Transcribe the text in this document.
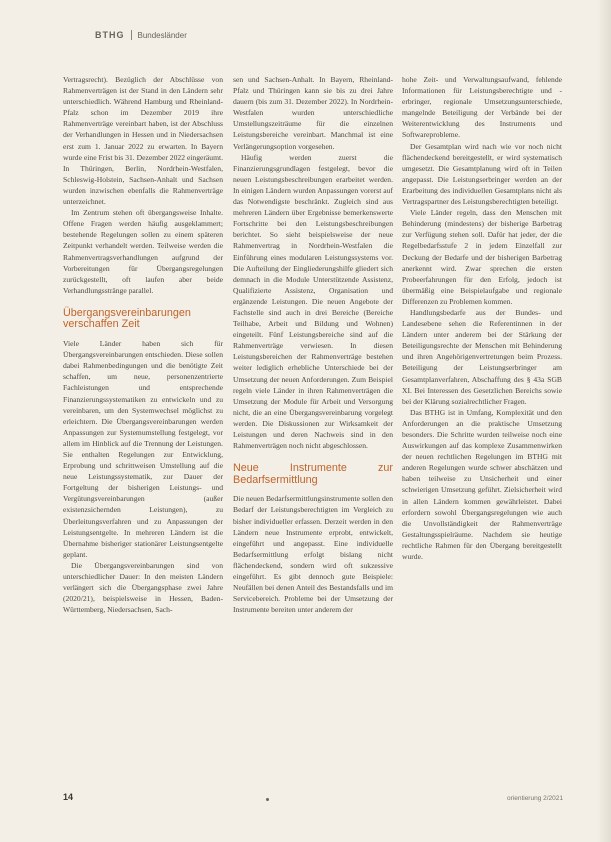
BTHG Bundesländer

Vertragsrecht). Bezüglich der Abschlüsse von Rahmenverträgen ist der Stand in den Ländern sehr unterschiedlich. Während Hamburg und Rheinland-Pfalz schon im Dezember 2019 ihre Rahmenverträge vereinbart haben, ist der Abschluss der Verhandlungen in Hessen und in Niedersachsen erst zum 1. Januar 2022 zu erwarten. In Bayern wurde eine Frist bis 31. Dezember 2022 eingeräumt. In Thüringen, Berlin, Nordrhein-Westfalen, Schleswig-Holstein, Sachsen-Anhalt und Sachsen wurden inzwischen ebenfalls die Rahmenverträge unterzeichnet.

Im Zentrum stehen oft übergangsweise Inhalte. Offene Fragen werden häufig ausgeklammert; bestehende Regelungen sollen zu einem späteren Zeitpunkt verhandelt werden. Teilweise werden die Rahmenvertragsverhandlungen aufgrund der Vorbereitungen für Übergangsregelungen zurückgestellt, oft laufen aber beide Verhandlungsstränge parallel.

Übergangsvereinbarungen verschaffen Zeit

Viele Länder haben sich für Übergangsvereinbarungen entschieden. Diese sollen dabei Rahmenbedingungen und die benötigte Zeit schaffen, um neue, personenzentrierte Fachleistungen und entsprechende Finanzierungssystematiken zu entwickeln und zu vereinbaren, um den Systemwechsel möglichst zu erleichtern. Die Übergangsvereinbarungen werden Anpassungen zur Systemumstellung festgelegt, vor allem im Hinblick auf die Trennung der Leistungen. Sie enthalten Regelungen zur Entwicklung, Erprobung und schrittweisen Umstellung auf die neue Leistungssystematik, zur Dauer der Fortgeltung der bisherigen Leistungs- und Vergütungsvereinbarungen (außer existenzsichernden Leistungen), zu Überleitungsverfahren und zu Anpassungen der Leistungsentgelte. In mehreren Ländern ist die Übernahme bisheriger stationärer Leistungsentgelte geplant.

Die Übergangsvereinbarungen sind von unterschiedlicher Dauer: In den meisten Ländern verlängert sich die Übergangsphase zwei Jahre (2020/21), beispielsweise in Hessen, Baden-Württemberg, Niedersachsen, Sach-

sen und Sachsen-Anhalt. In Bayern, Rheinland-Pfalz und Thüringen kann sie bis zu drei Jahre dauern (bis zum 31. Dezember 2022). In Nordrhein-Westfalen wurden unterschiedliche Umstellungszeiträume für die einzelnen Leistungsbereiche vereinbart. Manchmal ist eine Verlängerungsoption vorgesehen.

Häufig werden zuerst die Finanzierungsgrundlagen festgelegt, bevor die neuen Leistungsbeschreibungen erarbeitet werden. In einigen Ländern wurden Anpassungen vorerst auf das Notwendigste beschränkt. Zugleich sind aus mehreren Ländern über Ergebnisse bemerkenswerte Fortschritte bei den Leistungsbeschreibungen berichtet. So sieht beispielsweise der neue Rahmenvertrag in Nordrhein-Westfalen die Einführung eines modularen Leistungssystems vor. Die Aufteilung der Eingliederungshilfe gliedert sich demnach in die Module Unterstützende Assistenz, Qualifizierte Assistenz, Organisation und ergänzende Leistungen. Die neuen Angebote der Fachstelle sind auch in drei Bereiche (Bereiche Teilhabe, Arbeit und Bildung und Wohnen) eingeteilt. Fünf Leistungsbereiche sind auf die Rahmenverträge verwiesen. In diesen Leistungsbereichen der Rahmenverträge bestehen weiter lediglich erhebliche Unterschiede bei der Umsetzung der neuen Anforderungen. Zum Beispiel regeln viele Länder in ihren Rahmenverträgen die Umsetzung der Module für Arbeit und Versorgung nicht, die an eine Übergangsvereinbarung vorgelegt werden. Die Diskussionen zur Wirksamkeit der Leistungen und deren Nachweis sind in den Rahmenverträgen noch nicht abgeschlossen.

Neue Instrumente zur Bedarfsermittlung

Die neuen Bedarfsermittlungsinstrumente sollen den Bedarf der Leistungsberechtigten im Vergleich zu bisher individueller erfassen. Derzeit werden in den Ländern neue Instrumente erprobt, entwickelt, eingeführt und angepasst. Eine individuelle Bedarfsermittlung erfolgt bislang nicht flächendeckend, sondern wird oft sukzessive eingeführt. Es gibt dennoch gute Beispiele: Neufällen bei denen Anteil des Bestandsfalls und im Servicebereich. Probleme bei der Umsetzung der Instrumente bereiten unter anderem der

hohe Zeit- und Verwaltungsaufwand, fehlende Informationen für Leistungsberechtigte und -erbringer, regionale Umsetzungsunterschiede, mangelnde Beteiligung der Verbände bei der Weiterentwicklung des Instruments und Softwareprobleme.

Der Gesamtplan wird nach wie vor noch nicht flächendeckend bereitgestellt, er wird systematisch umgesetzt. Die Gesamtplanung wird oft in Teilen angepasst. Die Leistungserbringer werden an der Erarbeitung des individuellen Gesamtplans nicht als Vertragspartner des Leistungsberechtigten beteiligt.

Viele Länder regeln, dass den Menschen mit Behinderung (mindestens) der bisherige Barbetrag zur Verfügung stehen soll. Dafür hat jeder, der die Regelbedarfsstufe 2 in jedem Einzelfall zur Deckung der Bedarfe und der bisherigen Barbetrag anerkennt wird. Zwar sprechen die ersten Probeerfahrungen für den Erfolg, jedoch ist übermäßig eine Beispielaufgabe und regionale Differenzen zu Problemen kommen.

Handlungsbedarfe aus der Bundes- und Landesebene sehen die Referentinnen in der Ländern unter anderem bei der Stärkung der Beteiligungsrechte der Menschen mit Behinderung und ihren Angehörigenvertretungen beim Prozess. Beteiligung der Leistungserbringer am Gesamtplanverfahren, Abschaffung des § 43a SGB XI. Bei Interessen des Gesetzlichen Bereichs sowie bei der Klärung sozialrechtlicher Fragen.

Das BTHG ist in Umfang, Komplexität und den Anforderungen an die praktische Umsetzung besonders. Die Schritte wurden teilweise noch eine Auswirkungen auf das komplexe Zusammenwirken der neuen rechtlichen Regelungen im BTHG mit anderen Regelungen wurde schwer abschätzen und haben teilweise zu Unsicherheit und einer schwierigen Umsetzung geführt. Zielsicherheit wird in allen Ländern kommen gewährleistet. Dabei erfordern sowohl Übergangsregelungen wie auch die Unvollständigkeit der Rahmenverträge Gestaltungsspielräume. Nachdem sie heutige rechtliche Rahmen für den Übergang bereitgestellt wurde.

14	orientierung 2/2021
